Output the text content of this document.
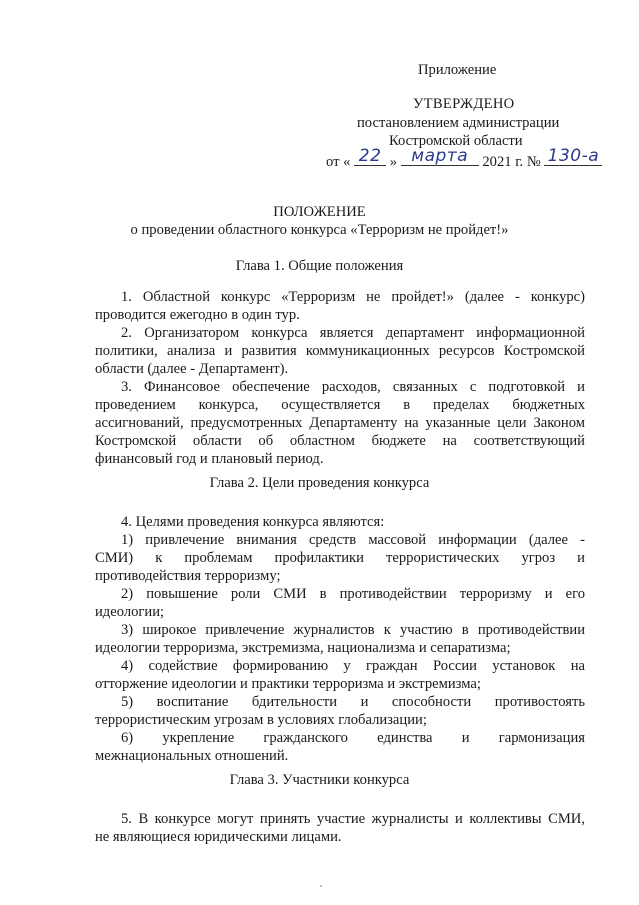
Приложение
УТВЕРЖДЕНО
постановлением администрации
Костромской области
от « 22 » марта 2021 г. № 130-а
ПОЛОЖЕНИЕ
о проведении областного конкурса «Терроризм не пройдет!»
Глава 1. Общие положения
1. Областной конкурс «Терроризм не пройдет!» (далее - конкурс)
проводится ежегодно в один тур.
2. Организатором конкурса является департамент информационной
политики, анализа и развития коммуникационных ресурсов Костромской
области (далее - Департамент).
3. Финансовое обеспечение расходов, связанных с подготовкой и
проведением конкурса, осуществляется в пределах бюджетных
ассигнований, предусмотренных Департаменту на указанные цели Законом
Костромской области об областном бюджете на соответствующий
финансовый год и плановый период.
Глава 2. Цели проведения конкурса
4. Целями проведения конкурса являются:
1) привлечение внимания средств массовой информации (далее -
СМИ) к проблемам профилактики террористических угроз и
противодействия терроризму;
2) повышение роли СМИ в противодействии терроризму и его
идеологии;
3) широкое привлечение журналистов к участию в противодействии
идеологии терроризма, экстремизма, национализма и сепаратизма;
4) содействие формированию у граждан России установок на
отторжение идеологии и практики терроризма и экстремизма;
5) воспитание бдительности и способности противостоять
террористическим угрозам в условиях глобализации;
6) укрепление гражданского единства и гармонизация
межнациональных отношений.
Глава 3. Участники конкурса
5. В конкурсе могут принять участие журналисты и коллективы СМИ,
не являющиеся юридическими лицами.
